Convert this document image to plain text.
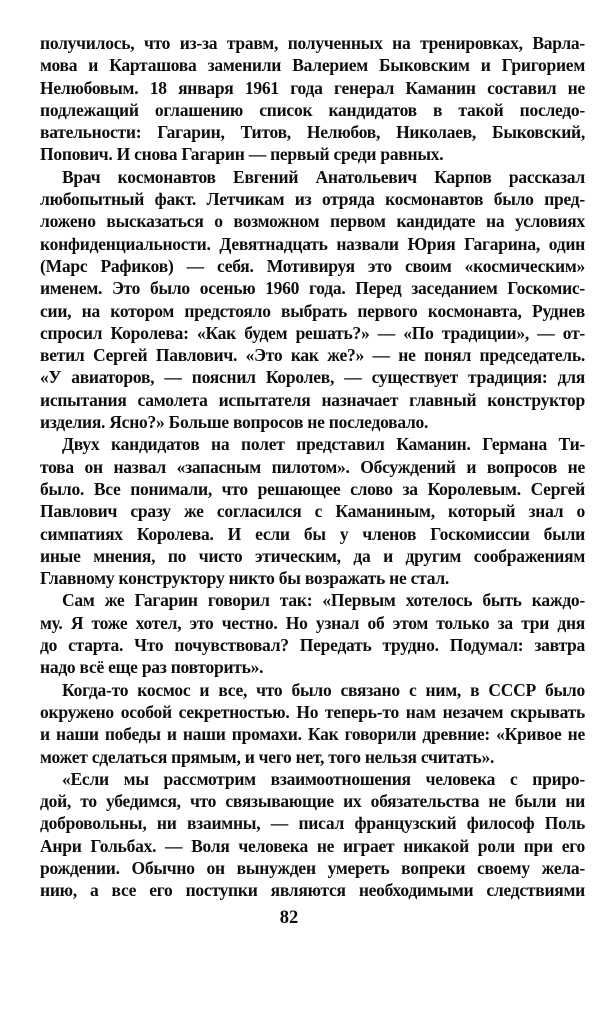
получилось, что из-за травм, полученных на тренировках, Варла-
мова и Карташова заменили Валерием Быковским и Григорием
Нелюбовым. 18 января 1961 года генерал Каманин составил не
подлежащий оглашению список кандидатов в такой последо-
вательности: Гагарин, Титов, Нелюбов, Николаев, Быковский,
Попович. И снова Гагарин — первый среди равных.
Врач космонавтов Евгений Анатольевич Карпов рассказал
любопытный факт. Летчикам из отряда космонавтов было пред-
ложено высказаться о возможном первом кандидате на условиях
конфиденциальности. Девятнадцать назвали Юрия Гагарина, один
(Марс Рафиков) — себя. Мотивируя это своим «космическим»
именем. Это было осенью 1960 года. Перед заседанием Госкомис-
сии, на котором предстояло выбрать первого космонавта, Руднев
спросил Королева: «Как будем решать?» — «По традиции», — от-
ветил Сергей Павлович. «Это как же?» — не понял председатель.
«У авиаторов, — пояснил Королев, — существует традиция: для
испытания самолета испытателя назначает главный конструктор
изделия. Ясно?» Больше вопросов не последовало.
Двух кандидатов на полет представил Каманин. Германа Ти-
това он назвал «запасным пилотом». Обсуждений и вопросов не
было. Все понимали, что решающее слово за Королевым. Сергей
Павлович сразу же согласился с Каманиным, который знал о
симпатиях Королева. И если бы у членов Госкомиссии были
иные мнения, по чисто этическим, да и другим соображениям
Главному конструктору никто бы возражать не стал.
Сам же Гагарин говорил так: «Первым хотелось быть каждо-
му. Я тоже хотел, это честно. Но узнал об этом только за три дня
до старта. Что почувствовал? Передать трудно. Подумал: завтра
надо всё еще раз повторить».
Когда-то космос и все, что было связано с ним, в СССР было
окружено особой секретностью. Но теперь-то нам незачем скрывать
и наши победы и наши промахи. Как говорили древние: «Кривое не
может сделаться прямым, и чего нет, того нельзя считать».
«Если мы рассмотрим взаимоотношения человека с приро-
дой, то убедимся, что связывающие их обязательства не были ни
добровольны, ни взаимны, — писал французский философ Поль
Анри Гольбах. — Воля человека не играет никакой роли при его
рождении. Обычно он вынужден умереть вопреки своему жела-
нию, а все его поступки являются необходимыми следствиями
82
